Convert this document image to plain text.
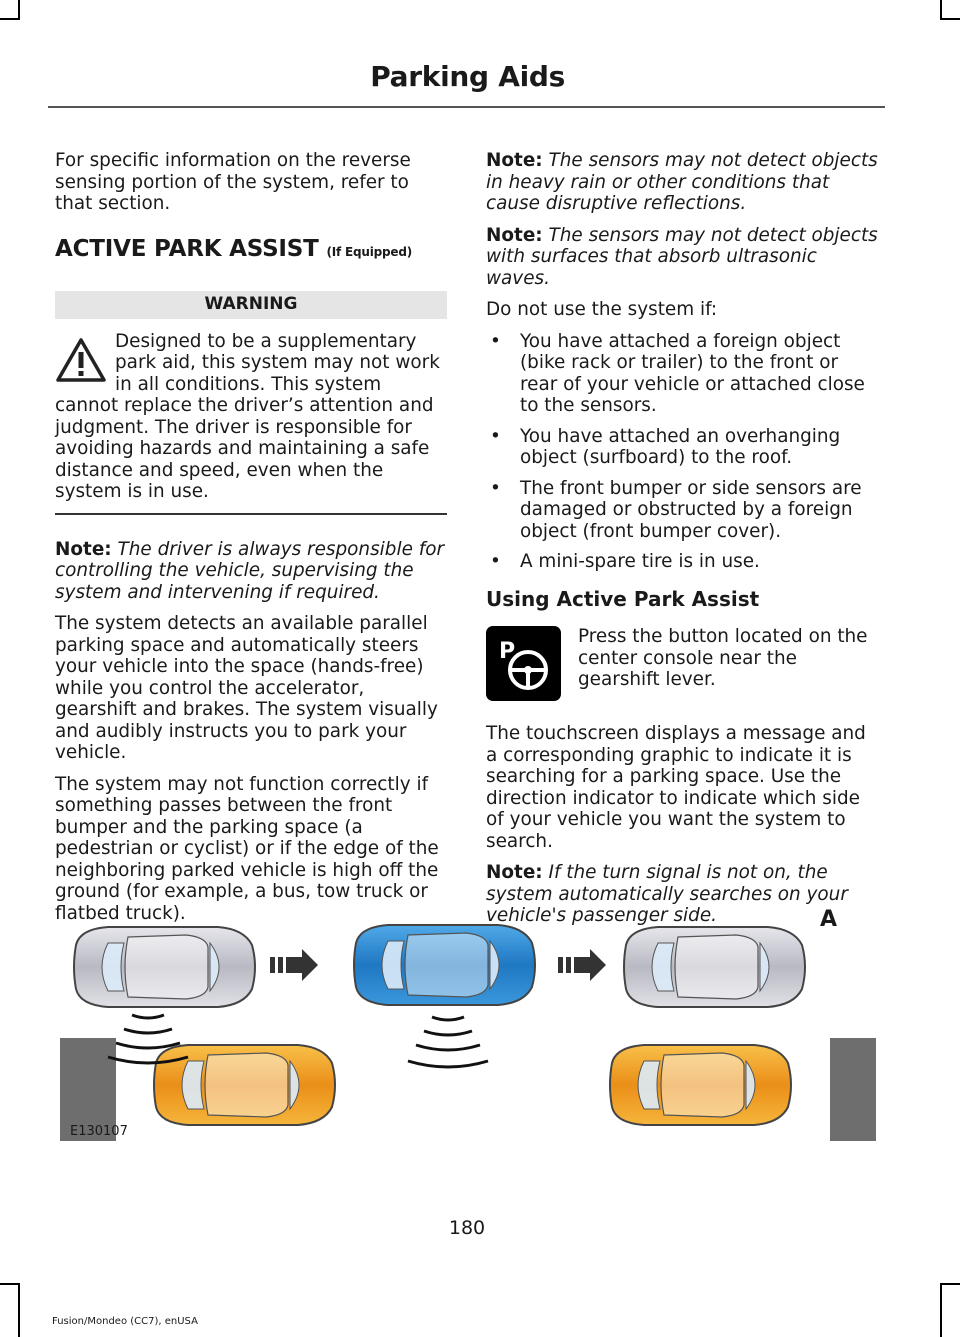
Parking Aids

For specific information on the reverse sensing portion of the system, refer to that section.

ACTIVE PARK ASSIST (If Equipped)
WARNING
Designed to be a supplementary park aid, this system may not work in all conditions. This system cannot replace the driver’s attention and judgment. The driver is responsible for avoiding hazards and maintaining a safe distance and speed, even when the system is in use.

Note: The driver is always responsible for controlling the vehicle, supervising the system and intervening if required.

The system detects an available parallel parking space and automatically steers your vehicle into the space (hands-free) while you control the accelerator, gearshift and brakes. The system visually and audibly instructs you to park your vehicle.

The system may not function correctly if something passes between the front bumper and the parking space (a pedestrian or cyclist) or if the edge of the neighboring parked vehicle is high off the ground (for example, a bus, tow truck or flatbed truck).

Note: The sensors may not detect objects in heavy rain or other conditions that cause disruptive reflections.

Note: The sensors may not detect objects with surfaces that absorb ultrasonic waves.

Do not use the system if:

• You have attached a foreign object (bike rack or trailer) to the front or rear of your vehicle or attached close to the sensors.
• You have attached an overhanging object (surfboard) to the roof.
• The front bumper or side sensors are damaged or obstructed by a foreign object (front bumper cover).
• A mini-spare tire is in use.
Using Active Park Assist
P
Press the button located on the center console near the gearshift lever.

The touchscreen displays a message and a corresponding graphic to indicate it is searching for a parking space. Use the direction indicator to indicate which side of your vehicle you want the system to search.

Note: If the turn signal is not on, the system automatically searches on your vehicle's passenger side.	A
E130107
180
Fusion/Mondeo (CC7), enUSA
